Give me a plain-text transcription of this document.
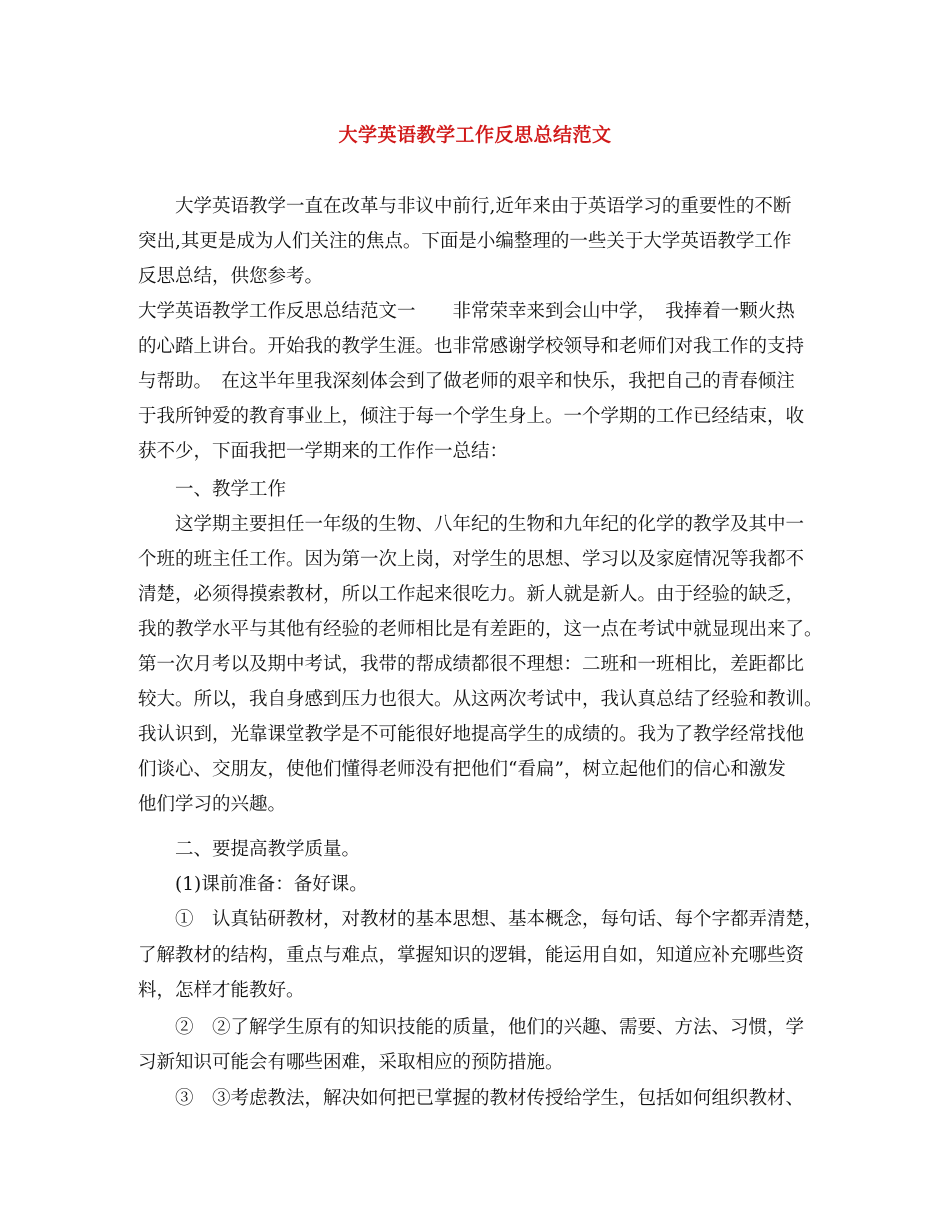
大学英语教学工作反思总结范文
大学英语教学一直在改革与非议中前行,近年来由于英语学习的重要性的不断
突出,其更是成为人们关注的焦点。下面是小编整理的一些关于大学英语教学工作
反思总结，供您参考。
大学英语教学工作反思总结范文一　　非常荣幸来到会山中学，　我捧着一颗火热
的心踏上讲台。开始我的教学生涯。也非常感谢学校领导和老师们对我工作的支持
与帮助。　在这半年里我深刻体会到了做老师的艰辛和快乐，我把自己的青春倾注
于我所钟爱的教育事业上，倾注于每一个学生身上。一个学期的工作已经结束，收
获不少，下面我把一学期来的工作作一总结：
一、教学工作
这学期主要担任一年级的生物、八年纪的生物和九年纪的化学的教学及其中一
个班的班主任工作。因为第一次上岗，对学生的思想、学习以及家庭情况等我都不
清楚，必须得摸索教材，所以工作起来很吃力。新人就是新人。由于经验的缺乏，
我的教学水平与其他有经验的老师相比是有差距的，这一点在考试中就显现出来了。
第一次月考以及期中考试，我带的帮成绩都很不理想：二班和一班相比，差距都比
较大。所以，我自身感到压力也很大。从这两次考试中，我认真总结了经验和教训。
我认识到，光靠课堂教学是不可能很好地提高学生的成绩的。我为了教学经常找他
们谈心、交朋友，使他们懂得老师没有把他们“看扁”，树立起他们的信心和激发
他们学习的兴趣。
二、要提高教学质量。
(1)课前准备：备好课。
①　认真钻研教材，对教材的基本思想、基本概念，每句话、每个字都弄清楚，
了解教材的结构，重点与难点，掌握知识的逻辑，能运用自如，知道应补充哪些资
料，怎样才能教好。
②　②了解学生原有的知识技能的质量，他们的兴趣、需要、方法、习惯，学
习新知识可能会有哪些困难，采取相应的预防措施。
③　③考虑教法，解决如何把已掌握的教材传授给学生，包括如何组织教材、
